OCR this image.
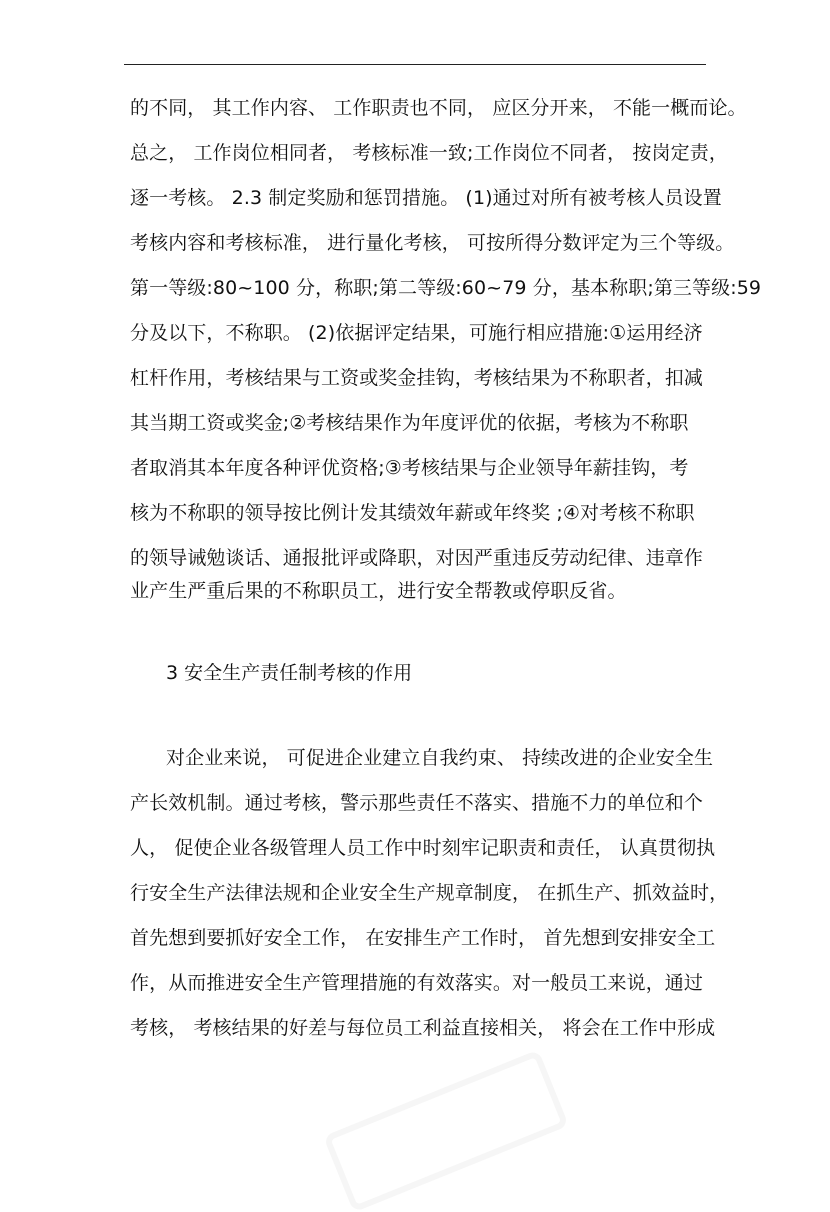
的不同， 其工作内容、 工作职责也不同， 应区分开来， 不能一概而论。
总之， 工作岗位相同者， 考核标准一致;工作岗位不同者， 按岗定责，
逐一考核。 2.3 制定奖励和惩罚措施。 (1)通过对所有被考核人员设置
考核内容和考核标准， 进行量化考核， 可按所得分数评定为三个等级。
第一等级:80~100 分，称职;第二等级:60~79 分，基本称职;第三等级:59
分及以下，不称职。 (2)依据评定结果，可施行相应措施:①运用经济
杠杆作用，考核结果与工资或奖金挂钩，考核结果为不称职者，扣减
其当期工资或奖金;②考核结果作为年度评优的依据，考核为不称职
者取消其本年度各种评优资格;③考核结果与企业领导年薪挂钩，考
核为不称职的领导按比例计发其绩效年薪或年终奖 ;④对考核不称职
的领导诫勉谈话、通报批评或降职，对因严重违反劳动纪律、违章作
业产生严重后果的不称职员工，进行安全帮教或停职反省。
3 安全生产责任制考核的作用
对企业来说， 可促进企业建立自我约束、 持续改进的企业安全生
产长效机制。通过考核，警示那些责任不落实、措施不力的单位和个
人， 促使企业各级管理人员工作中时刻牢记职责和责任， 认真贯彻执
行安全生产法律法规和企业安全生产规章制度， 在抓生产、抓效益时，
首先想到要抓好安全工作， 在安排生产工作时， 首先想到安排安全工
作，从而推进安全生产管理措施的有效落实。对一般员工来说，通过
考核， 考核结果的好差与每位员工利益直接相关， 将会在工作中形成
